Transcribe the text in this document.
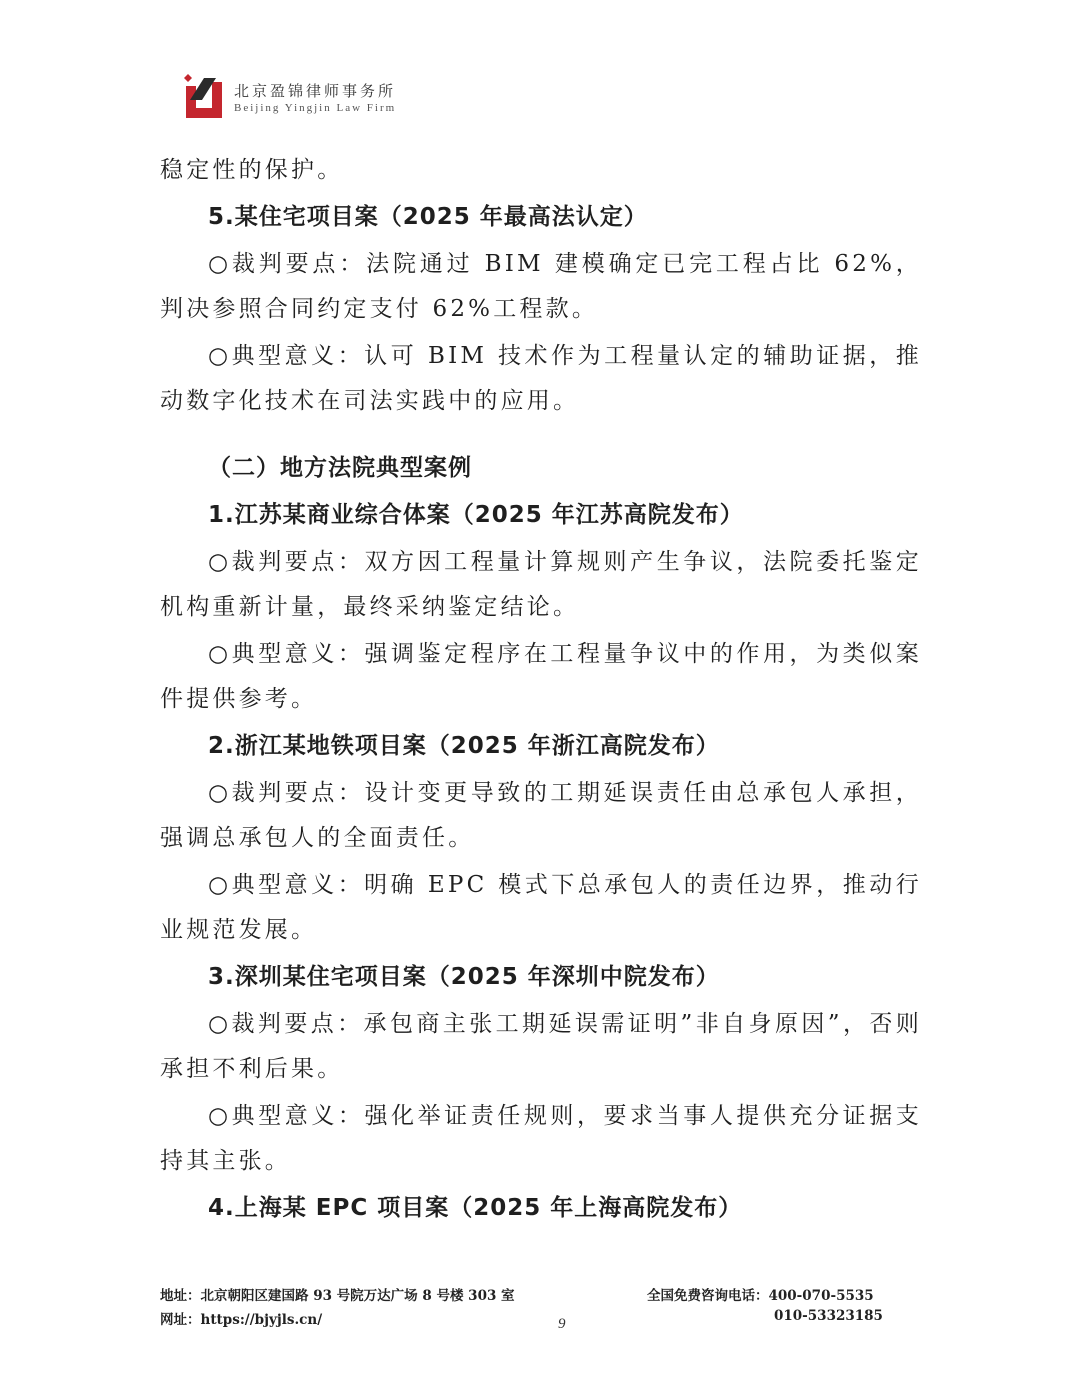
北京盈锦律师事务所
Beijing Yingjin Law Firm

稳定性的保护。

5.某住宅项目案（2025 年最高法认定）

○裁判要点：法院通过 BIM 建模确定已完工程占比 62%，判决参照合同约定支付 62%工程款。

○典型意义：认可 BIM 技术作为工程量认定的辅助证据，推动数字化技术在司法实践中的应用。

（二）地方法院典型案例

1.江苏某商业综合体案（2025 年江苏高院发布）

○裁判要点：双方因工程量计算规则产生争议，法院委托鉴定机构重新计量，最终采纳鉴定结论。

○典型意义：强调鉴定程序在工程量争议中的作用，为类似案件提供参考。

2.浙江某地铁项目案（2025 年浙江高院发布）

○裁判要点：设计变更导致的工期延误责任由总承包人承担，强调总承包人的全面责任。

○典型意义：明确 EPC 模式下总承包人的责任边界，推动行业规范发展。

3.深圳某住宅项目案（2025 年深圳中院发布）

○裁判要点：承包商主张工期延误需证明”非自身原因”，否则承担不利后果。

○典型意义：强化举证责任规则，要求当事人提供充分证据支持其主张。

4.上海某 EPC 项目案（2025 年上海高院发布）

地址：北京朝阳区建国路 93 号院万达广场 8 号楼 303 室
网址：https://bjyjls.cn/
全国免费咨询电话：400-070-5535
010-53323185
9
